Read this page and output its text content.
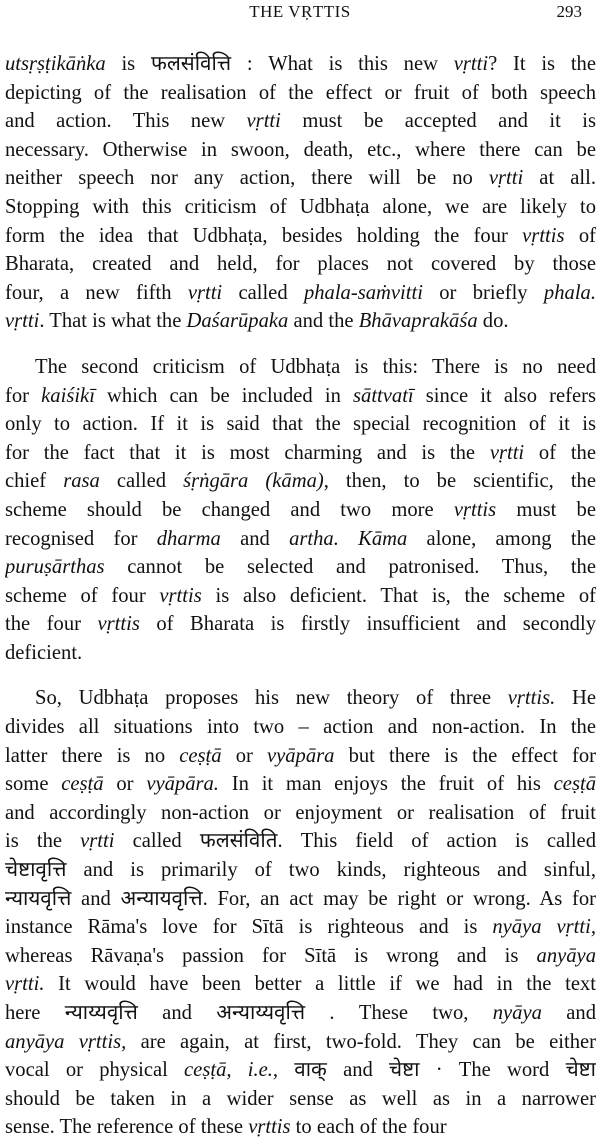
THE VṚTTIS	293
utsṛṣṭikāṅka is फलसंवित्ति : What is this new vṛtti? It is the
depicting of the realisation of the effect or fruit of both speech
and action. This new vṛtti must be accepted and it is
necessary. Otherwise in swoon, death, etc., where there can be
neither speech nor any action, there will be no vṛtti at all.
Stopping with this criticism of Udbhaṭa alone, we are likely to
form the idea that Udbhaṭa, besides holding the four vṛttis of
Bharata, created and held, for places not covered by those
four, a new fifth vṛtti called phala-saṁvitti or briefly phala.
vṛtti. That is what the Daśarūpaka and the Bhāvaprakāśa do.
The second criticism of Udbhaṭa is this: There is no need
for kaiśikī which can be included in sāttvatī since it also refers
only to action. If it is said that the special recognition of it is
for the fact that it is most charming and is the vṛtti of the
chief rasa called śṛṅgāra (kāma), then, to be scientific, the
scheme should be changed and two more vṛttis must be
recognised for dharma and artha. Kāma alone, among the
puruṣārthas cannot be selected and patronised. Thus, the
scheme of four vṛttis is also deficient. That is, the scheme of
the four vṛttis of Bharata is firstly insufficient and secondly
deficient.
So, Udbhaṭa proposes his new theory of three vṛttis. He
divides all situations into two – action and non-action. In the
latter there is no ceṣṭā or vyāpāra but there is the effect for
some ceṣṭā or vyāpāra. In it man enjoys the fruit of his ceṣṭā
and accordingly non-action or enjoyment or realisation of fruit
is the vṛtti called फलसंविति. This field of action is called
चेष्टावृत्ति and is primarily of two kinds, righteous and sinful,
न्यायवृत्ति and अन्यायवृत्ति. For, an act may be right or wrong. As for
instance Rāma's love for Sītā is righteous and is nyāya vṛtti,
whereas Rāvaṇa's passion for Sītā is wrong and is anyāya
vṛtti. It would have been better a little if we had in the text
here न्याय्यवृत्ति and अन्याय्यवृत्ति . These two, nyāya and
anyāya vṛttis, are again, at first, two-fold. They can be either
vocal or physical ceṣṭā, i.e., वाक् and चेष्टा · The word चेष्टा
should be taken in a wider sense as well as in a narrower
sense. The reference of these vṛttis to each of the four
